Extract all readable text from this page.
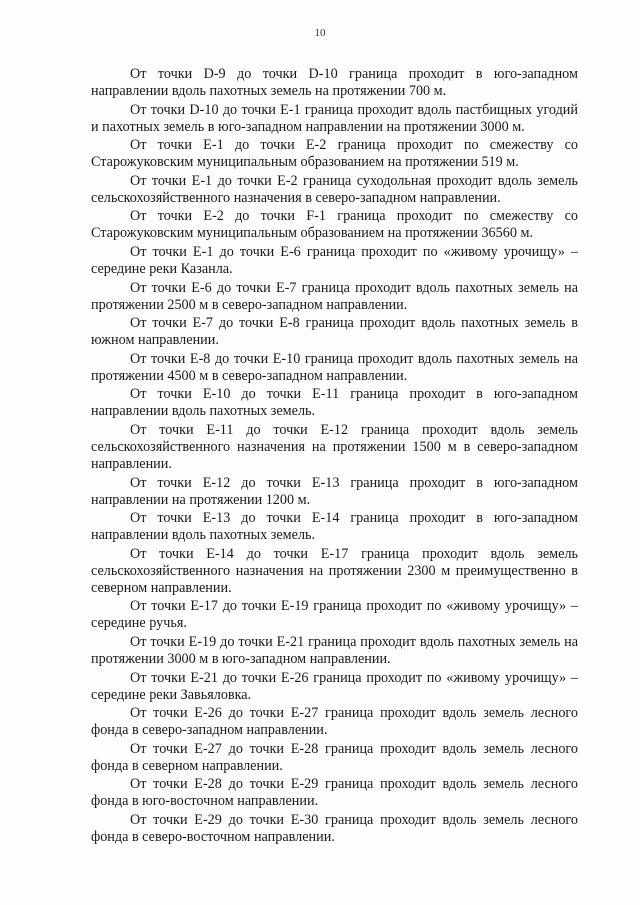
10

От точки D-9 до точки D-10 граница проходит в юго-западном направлении вдоль пахотных земель на протяжении 700 м.

От точки D-10 до точки E-1 граница проходит вдоль пастбищных угодий и пахотных земель в юго-западном направлении на протяжении 3000 м.

От точки E-1 до точки E-2 граница проходит по смежеству со Старожуковским муниципальным образованием на протяжении 519 м.

От точки E-1 до точки E-2 граница суходольная проходит вдоль земель сельскохозяйственного назначения в северо-западном направлении.

От точки E-2 до точки F-1 граница проходит по смежеству со Старожуковским муниципальным образованием на протяжении 36560 м.

От точки E-1 до точки E-6 граница проходит по «живому урочищу» – середине реки Казанла.

От точки E-6 до точки E-7 граница проходит вдоль пахотных земель на протяжении 2500 м в северо-западном направлении.

От точки E-7 до точки E-8 граница проходит вдоль пахотных земель в южном направлении.

От точки E-8 до точки E-10 граница проходит вдоль пахотных земель на протяжении 4500 м в северо-западном направлении.

От точки E-10 до точки E-11 граница проходит в юго-западном направлении вдоль пахотных земель.

От точки E-11 до точки E-12 граница проходит вдоль земель сельскохозяйственного назначения на протяжении 1500 м в северо-западном направлении.

От точки E-12 до точки E-13 граница проходит в юго-западном направлении на протяжении 1200 м.

От точки E-13 до точки E-14 граница проходит в юго-западном направлении вдоль пахотных земель.

От точки E-14 до точки E-17 граница проходит вдоль земель сельскохозяйственного назначения на протяжении 2300 м преимущественно в северном направлении.

От точки E-17 до точки E-19 граница проходит по «живому урочищу» – середине ручья.

От точки E-19 до точки E-21 граница проходит вдоль пахотных земель на протяжении 3000 м в юго-западном направлении.

От точки E-21 до точки E-26 граница проходит по «живому урочищу» – середине реки Завьяловка.

От точки E-26 до точки E-27 граница проходит вдоль земель лесного фонда в северо-западном направлении.

От точки E-27 до точки E-28 граница проходит вдоль земель лесного фонда в северном направлении.

От точки E-28 до точки E-29 граница проходит вдоль земель лесного фонда в юго-восточном направлении.

От точки E-29 до точки E-30 граница проходит вдоль земель лесного фонда в северо-восточном направлении.
